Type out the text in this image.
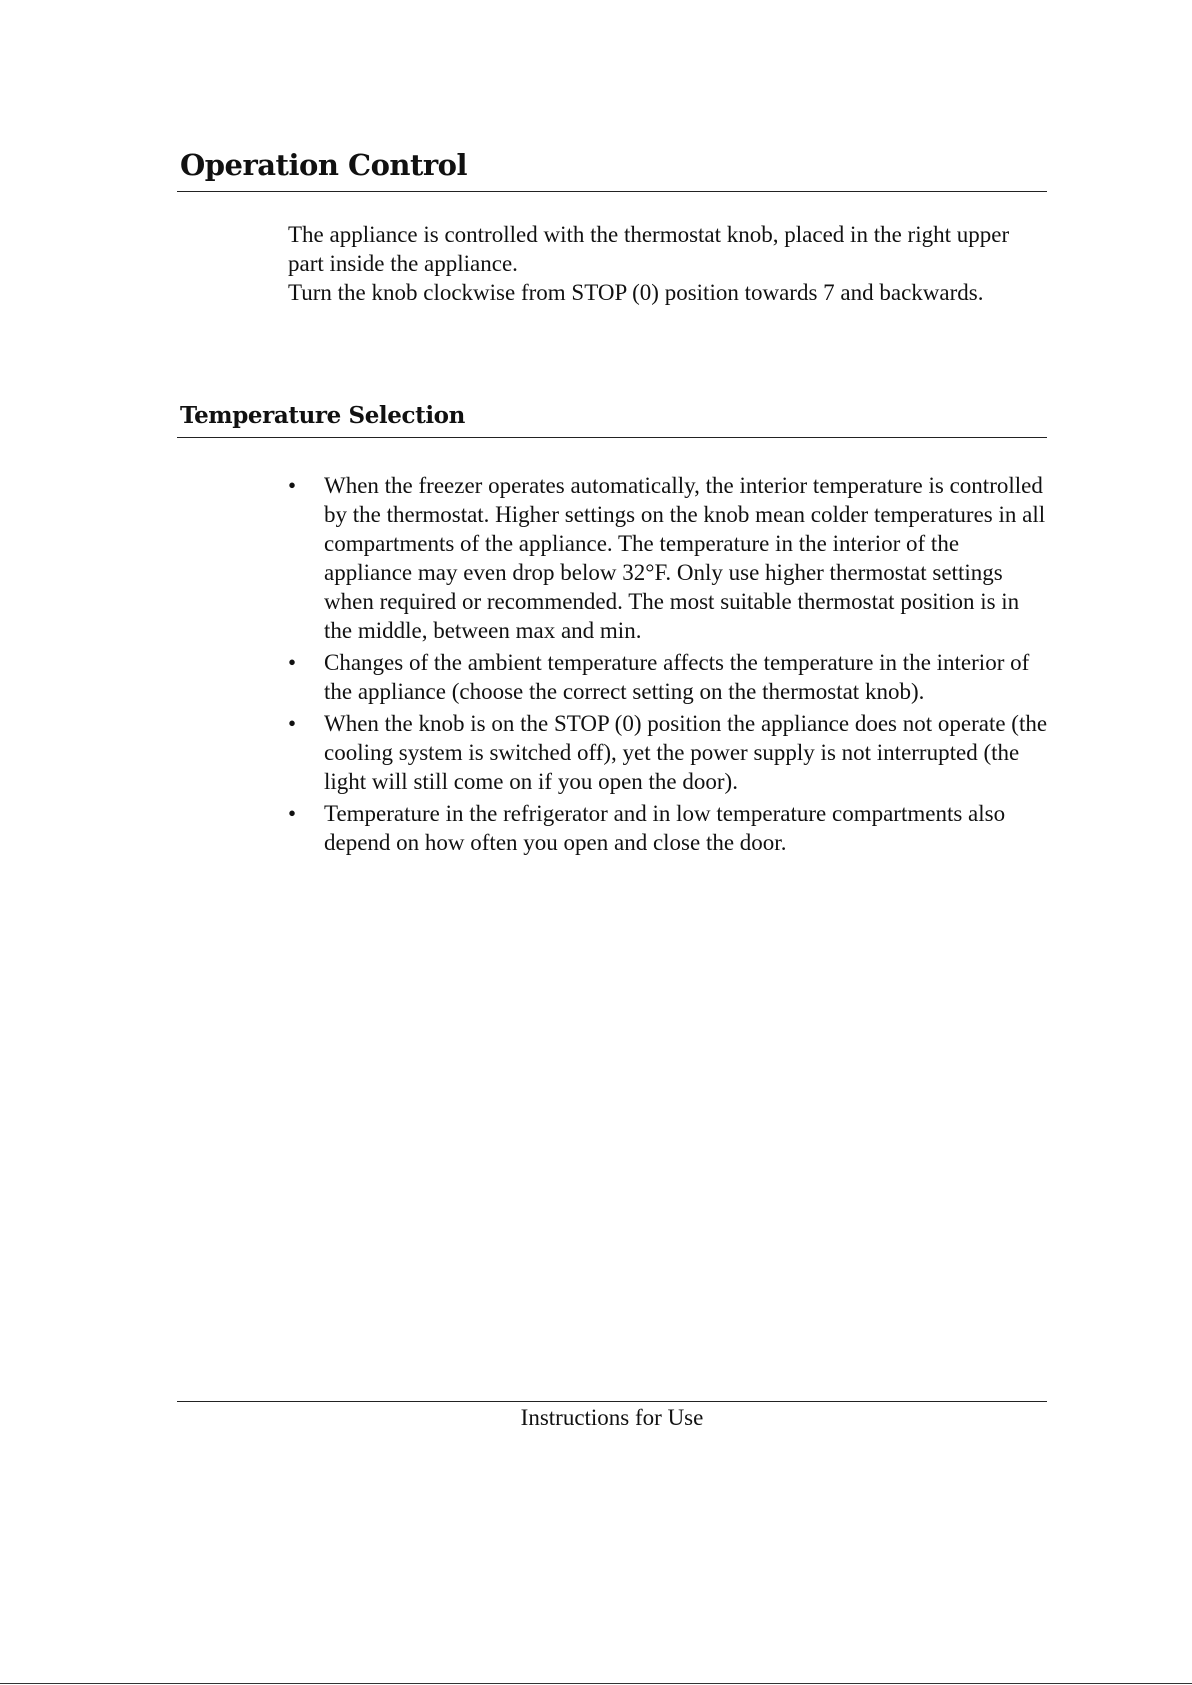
Operation Control

The appliance is controlled with the thermostat knob, placed in the right upper part inside the appliance.

Turn the knob clockwise from STOP (0) position towards 7 and backwards.

Temperature Selection
• When the freezer operates automatically, the interior temperature is controlled by the thermostat. Higher settings on the knob mean colder temperatures in all compartments of the appliance. The temperature in the interior of the appliance may even drop below 32°F. Only use higher thermostat settings when required or recommended. The most suitable thermostat position is in the middle, between max and min.
• Changes of the ambient temperature affects the temperature in the interior of the appliance (choose the correct setting on the thermostat knob).
• When the knob is on the STOP (0) position the appliance does not operate (the cooling system is switched off), yet the power supply is not interrupted (the light will still come on if you open the door).
• Temperature in the refrigerator and in low temperature compartments also depend on how often you open and close the door.

Instructions for Use
